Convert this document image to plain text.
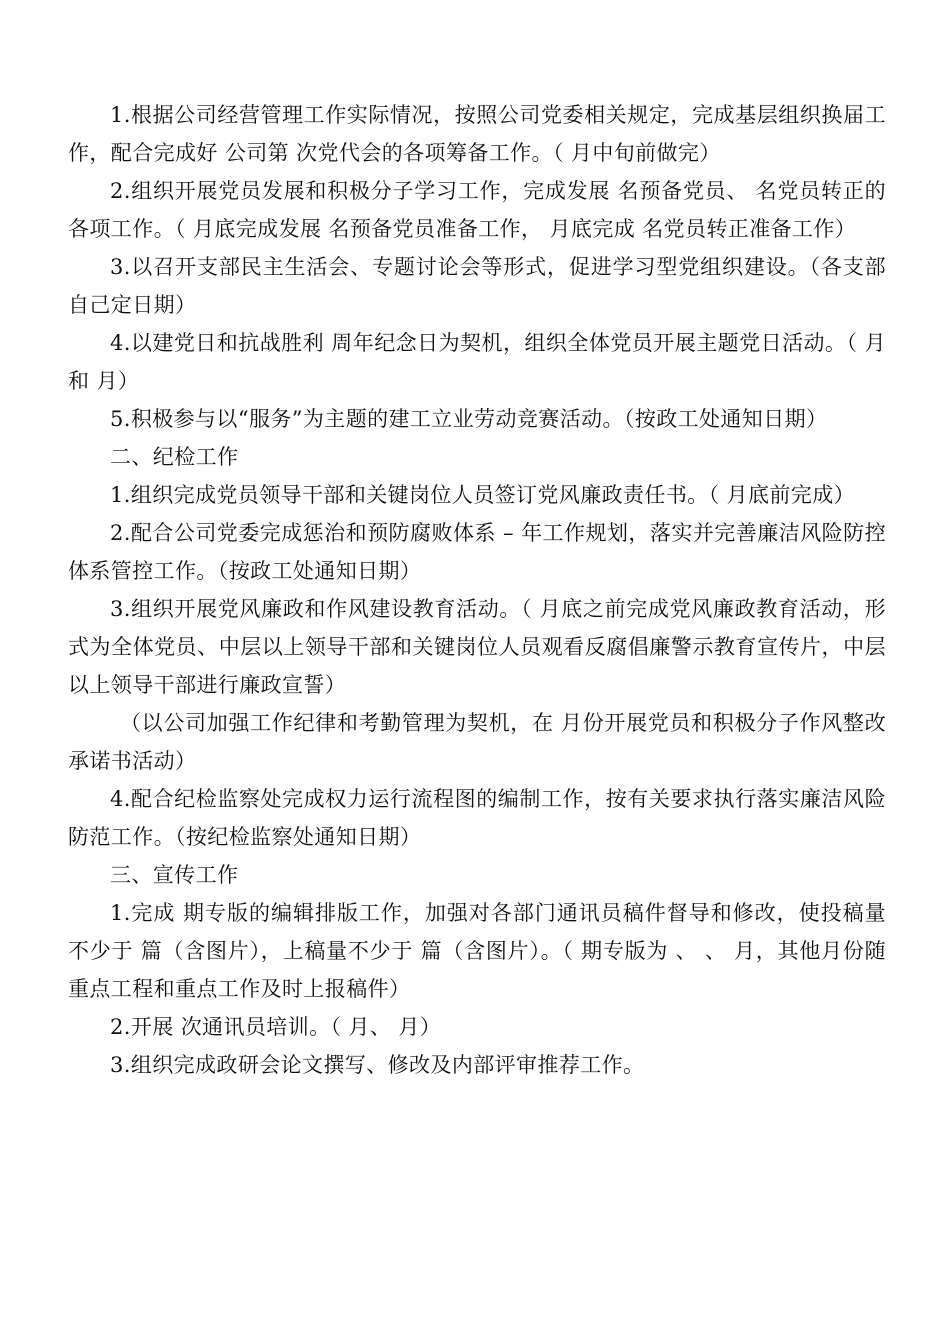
1.根据公司经营管理工作实际情况，按照公司党委相关规定，完成基层组织换届工作，配合完成好 公司第 次党代会的各项筹备工作。（ 月中旬前做完）

2.组织开展党员发展和积极分子学习工作，完成发展 名预备党员、 名党员转正的各项工作。（ 月底完成发展 名预备党员准备工作， 月底完成 名党员转正准备工作）

3.以召开支部民主生活会、专题讨论会等形式，促进学习型党组织建设。（各支部自己定日期）

4.以建党日和抗战胜利 周年纪念日为契机，组织全体党员开展主题党日活动。（ 月和 月）

5.积极参与以“服务”为主题的建工立业劳动竞赛活动。（按政工处通知日期）

二、纪检工作

1.组织完成党员领导干部和关键岗位人员签订党风廉政责任书。（ 月底前完成）

2.配合公司党委完成惩治和预防腐败体系 – 年工作规划，落实并完善廉洁风险防控体系管控工作。（按政工处通知日期）

3.组织开展党风廉政和作风建设教育活动。（ 月底之前完成党风廉政教育活动，形式为全体党员、中层以上领导干部和关键岗位人员观看反腐倡廉警示教育宣传片，中层以上领导干部进行廉政宣誓）

（以公司加强工作纪律和考勤管理为契机，在 月份开展党员和积极分子作风整改承诺书活动）

4.配合纪检监察处完成权力运行流程图的编制工作，按有关要求执行落实廉洁风险防范工作。（按纪检监察处通知日期）

三、宣传工作

1.完成 期专版的编辑排版工作，加强对各部门通讯员稿件督导和修改，使投稿量不少于 篇（含图片），上稿量不少于 篇（含图片）。（ 期专版为 、 、 月，其他月份随重点工程和重点工作及时上报稿件）

2.开展 次通讯员培训。（ 月、 月）

3.组织完成政研会论文撰写、修改及内部评审推荐工作。
